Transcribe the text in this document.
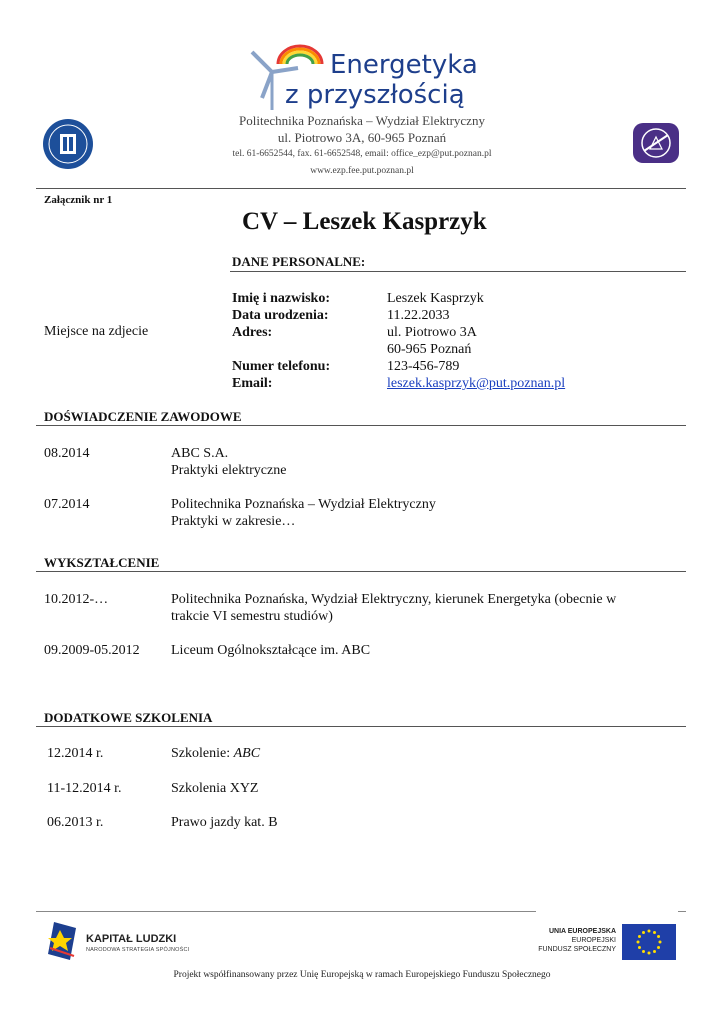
Energetyka
z przyszłością
Politechnika Poznańska – Wydział Elektryczny
ul. Piotrowo 3A, 60-965 Poznań
tel. 61-6652544, fax. 61-6652548, email: office_ezp@put.poznan.pl
www.ezp.fee.put.poznan.pl
Załącznik nr 1
CV – Leszek Kasprzyk
DANE PERSONALNE:
Miejsce na zdjecie
Imię i nazwisko:	Leszek Kasprzyk
Data urodzenia:	11.22.2033
Adres:	ul. Piotrowo 3A
60-965 Poznań
Numer telefonu:	123-456-789
Email:	leszek.kasprzyk@put.poznan.pl
DOŚWIADCZENIE ZAWODOWE
08.2014	ABC S.A.
Praktyki elektryczne
07.2014	Politechnika Poznańska – Wydział Elektryczny
Praktyki w zakresie…
WYKSZTAŁCENIE
10.2012-…	Politechnika Poznańska, Wydział Elektryczny, kierunek Energetyka (obecnie w
trakcie VI semestru studiów)
09.2009-05.2012 Liceum Ogólnokształcące im. ABC
DODATKOWE SZKOLENIA
12.2014 r.	Szkolenie: ABC
11-12.2014 r.	Szkolenia XYZ
06.2013 r.	Prawo jazdy kat. B
KAPITAŁ LUDZKI
NARODOWA STRATEGIA SPÓJNOŚCI
UNIA EUROPEJSKA
EUROPEJSKI
FUNDUSZ SPOŁECZNY
Projekt współfinansowany przez Unię Europejską w ramach Europejskiego Funduszu Społecznego
